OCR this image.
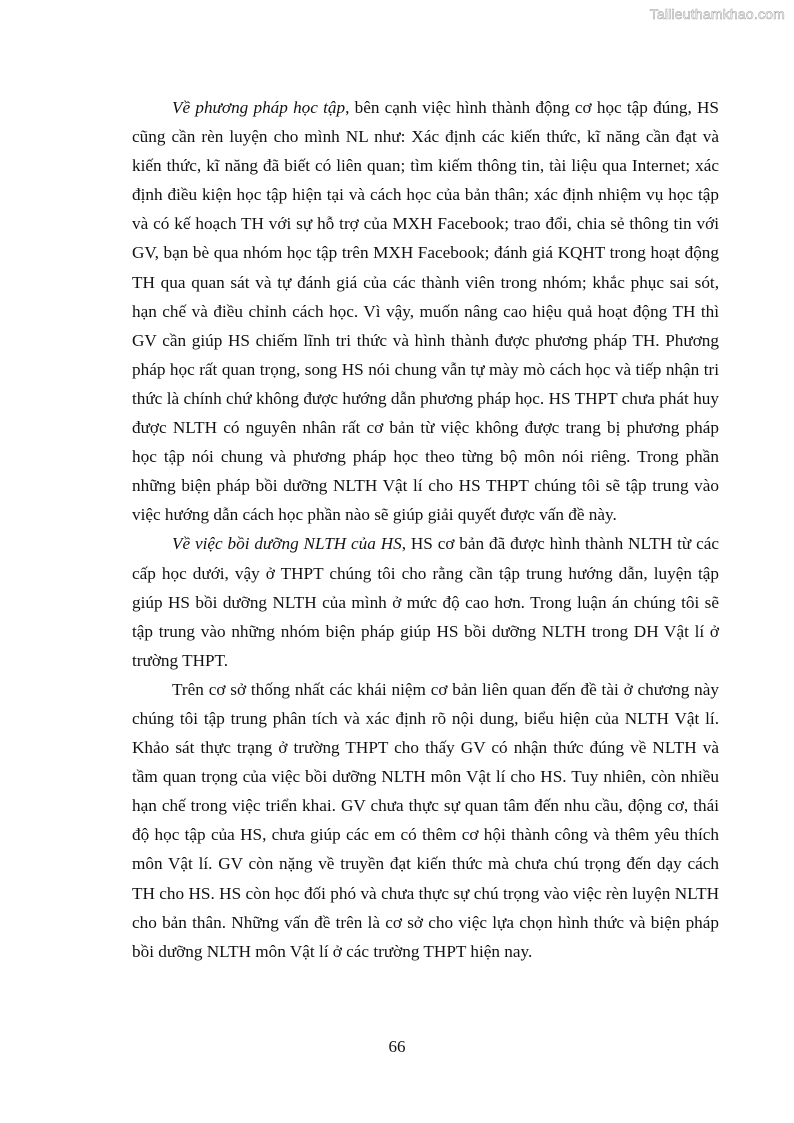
Tailieuthamkhao.com

Về phương pháp học tập, bên cạnh việc hình thành động cơ học tập đúng, HS cũng cần rèn luyện cho mình NL như: Xác định các kiến thức, kĩ năng cần đạt và kiến thức, kĩ năng đã biết có liên quan; tìm kiếm thông tin, tài liệu qua Internet; xác định điều kiện học tập hiện tại và cách học của bản thân; xác định nhiệm vụ học tập và có kế hoạch TH với sự hỗ trợ của MXH Facebook; trao đổi, chia sẻ thông tin với GV, bạn bè qua nhóm học tập trên MXH Facebook; đánh giá KQHT trong hoạt động TH qua quan sát và tự đánh giá của các thành viên trong nhóm; khắc phục sai sót, hạn chế và điều chỉnh cách học. Vì vậy, muốn nâng cao hiệu quả hoạt động TH thì GV cần giúp HS chiếm lĩnh tri thức và hình thành được phương pháp TH. Phương pháp học rất quan trọng, song HS nói chung vẫn tự mày mò cách học và tiếp nhận tri thức là chính chứ không được hướng dẫn phương pháp học. HS THPT chưa phát huy được NLTH có nguyên nhân rất cơ bản từ việc không được trang bị phương pháp học tập nói chung và phương pháp học theo từng bộ môn nói riêng. Trong phần những biện pháp bồi dưỡng NLTH Vật lí cho HS THPT chúng tôi sẽ tập trung vào việc hướng dẫn cách học phần nào sẽ giúp giải quyết được vấn đề này.

Về việc bồi dưỡng NLTH của HS, HS cơ bản đã được hình thành NLTH từ các cấp học dưới, vậy ở THPT chúng tôi cho rằng cần tập trung hướng dẫn, luyện tập giúp HS bồi dưỡng NLTH của mình ở mức độ cao hơn. Trong luận án chúng tôi sẽ tập trung vào những nhóm biện pháp giúp HS bồi dưỡng NLTH trong DH Vật lí ở trường THPT.

Trên cơ sở thống nhất các khái niệm cơ bản liên quan đến đề tài ở chương này chúng tôi tập trung phân tích và xác định rõ nội dung, biểu hiện của NLTH Vật lí. Khảo sát thực trạng ở trường THPT cho thấy GV có nhận thức đúng về NLTH và tầm quan trọng của việc bồi dưỡng NLTH môn Vật lí cho HS. Tuy nhiên, còn nhiều hạn chế trong việc triển khai. GV chưa thực sự quan tâm đến nhu cầu, động cơ, thái độ học tập của HS, chưa giúp các em có thêm cơ hội thành công và thêm yêu thích môn Vật lí. GV còn nặng về truyền đạt kiến thức mà chưa chú trọng đến dạy cách TH cho HS. HS còn học đối phó và chưa thực sự chú trọng vào việc rèn luyện NLTH cho bản thân. Những vấn đề trên là cơ sở cho việc lựa chọn hình thức và biện pháp bồi dưỡng NLTH môn Vật lí ở các trường THPT hiện nay.

66
